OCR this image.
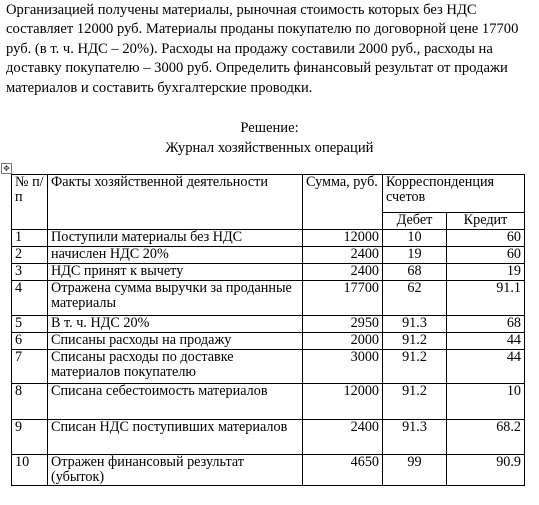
Организацией получены материалы, рыночная стоимость которых без НДС составляет 12000 руб. Материалы проданы покупателю по договорной цене 17700 руб. (в т. ч. НДС – 20%). Расходы на продажу составили 2000 руб., расходы на доставку покупателю – 3000 руб. Определить финансовый результат от продажи материалов и составить бухгалтерские проводки.

Решение:

Журнал хозяйственных операций

✥
№ п/п	Факты хозяйственной деятельности	Сумма, руб.	Корреспонденция счетов	
			Дебет	Кредит
1	Поступили материалы без НДС	12000	10	60
2	начислен НДС 20%	2400	19	60
3	НДС принят к вычету	2400	68	19
4	Отражена сумма выручки за проданные материалы	17700	62	91.1
5	В т. ч. НДС 20%	2950	91.3	68
6	Списаны расходы на продажу	2000	91.2	44
7	Списаны расходы по доставке материалов покупателю	3000	91.2	44
8	Списана себестоимость материалов	12000	91.2	10
9	Списан НДС поступивших материалов	2400	91.3	68.2
10	Отражен финансовый результат (убыток)	4650	99	90.9
